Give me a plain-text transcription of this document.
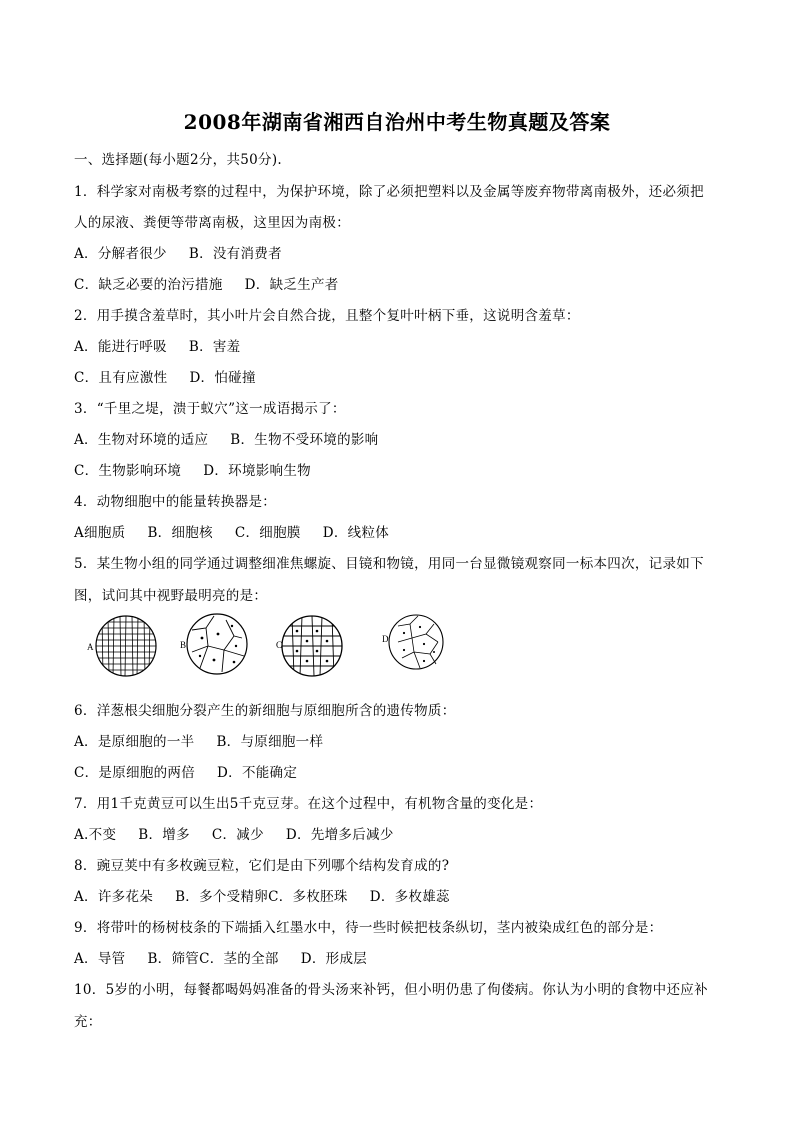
2008年湖南省湘西自治州中考生物真题及答案
一、选择题(每小题2分，共50分).
1．科学家对南极考察的过程中，为保护环境，除了必须把塑料以及金属等废弃物带离南极外，还必须把
人的尿液、粪便等带离南极，这里因为南极：
A．分解者很少 B．没有消费者
C．缺乏必要的治污措施 D．缺乏生产者
2．用手摸含羞草时，其小叶片会自然合拢，且整个复叶叶柄下垂，这说明含羞草：
A．能进行呼吸 B．害羞
C．且有应激性 D．怕碰撞
3．“千里之堤，溃于蚁穴”这一成语揭示了：
A．生物对环境的适应 B．生物不受环境的影响
C．生物影响环境 D．环境影响生物
4．动物细胞中的能量转换器是：
A细胞质 B．细胞核 C．细胞膜 D．线粒体
5．某生物小组的同学通过调整细准焦螺旋、目镜和物镜，用同一台显微镜观察同一标本四次，记录如下
图，试问其中视野最明亮的是：
A	B	C
D
6．洋葱根尖细胞分裂产生的新细胞与原细胞所含的遗传物质：
A．是原细胞的一半 B．与原细胞一样
C．是原细胞的两倍 D．不能确定
7．用1千克黄豆可以生出5千克豆芽。在这个过程中，有机物含量的变化是：
A.不变 B．增多 C．减少 D．先增多后减少
8．豌豆荚中有多枚豌豆粒，它们是由下列哪个结构发育成的?
A．许多花朵 B．多个受精卵C．多枚胚珠 D．多枚雄蕊
9．将带叶的杨树枝条的下端插入红墨水中，待一些时候把枝条纵切，茎内被染成红色的部分是：
A．导管 B．筛管C．茎的全部 D．形成层
10．5岁的小明，每餐都喝妈妈准备的骨头汤来补钙，但小明仍患了佝偻病。你认为小明的食物中还应补
充：
